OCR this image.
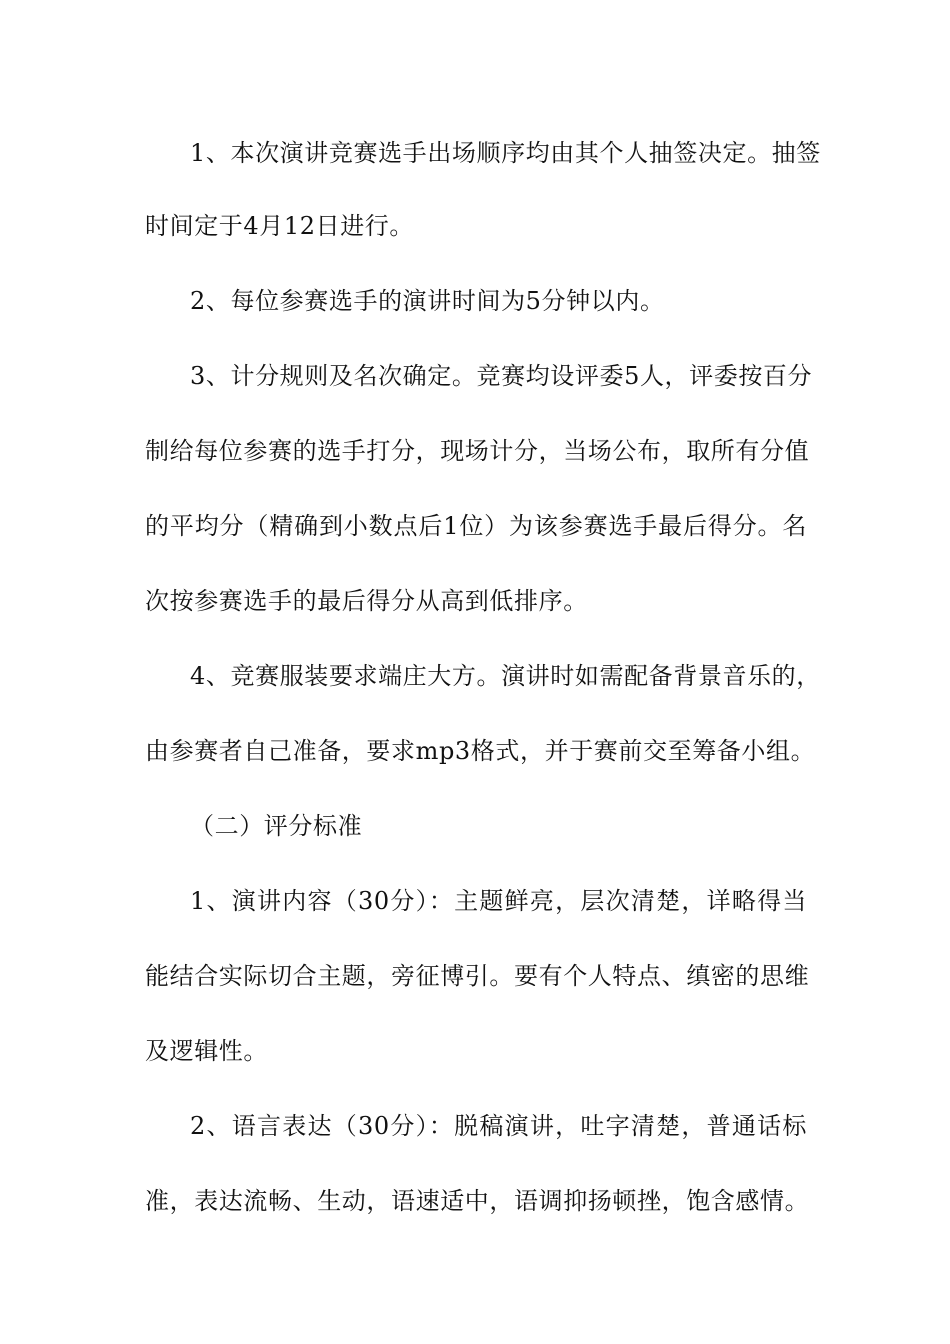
1、本次演讲竞赛选手出场顺序均由其个人抽签决定。抽签
时间定于4月12日进行。
2、每位参赛选手的演讲时间为5分钟以内。
3、计分规则及名次确定。竞赛均设评委5人，评委按百分
制给每位参赛的选手打分，现场计分，当场公布，取所有分值
的平均分（精确到小数点后1位）为该参赛选手最后得分。名
次按参赛选手的最后得分从高到低排序。
4、竞赛服装要求端庄大方。演讲时如需配备背景音乐的，
由参赛者自己准备，要求mp3格式，并于赛前交至筹备小组。
（二）评分标准
1、演讲内容（30分）：主题鲜亮，层次清楚，详略得当
能结合实际切合主题，旁征博引。要有个人特点、缜密的思维
及逻辑性。
2、语言表达（30分）：脱稿演讲，吐字清楚，普通话标
准，表达流畅、生动，语速适中，语调抑扬顿挫，饱含感情。
